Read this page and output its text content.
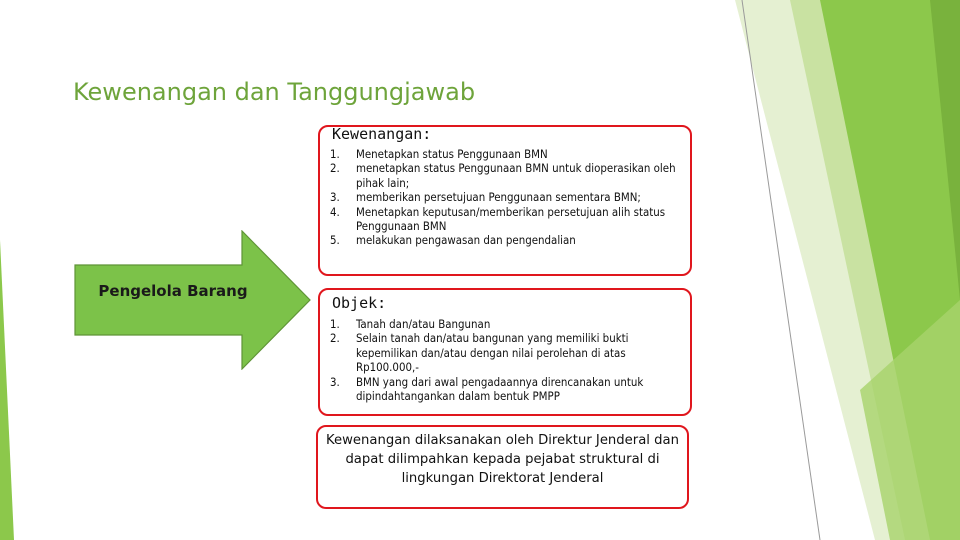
Kewenangan dan Tanggungjawab
Pengelola Barang
Kewenangan:
1. Menetapkan status Penggunaan BMN
2. menetapkan status Penggunaan BMN untuk dioperasikan oleh pihak lain;
3. memberikan persetujuan Penggunaan sementara BMN;
4. Menetapkan keputusan/memberikan persetujuan alih status Penggunaan BMN
5. melakukan pengawasan dan pengendalian
Objek:
1. Tanah dan/atau Bangunan
2. Selain tanah dan/atau bangunan yang memiliki bukti kepemilikan dan/atau dengan nilai perolehan di atas Rp100.000,-
3. BMN yang dari awal pengadaannya direncanakan untuk dipindahtangankan dalam bentuk PMPP
Kewenangan dilaksanakan oleh Direktur Jenderal dan dapat dilimpahkan kepada pejabat struktural di lingkungan Direktorat Jenderal
